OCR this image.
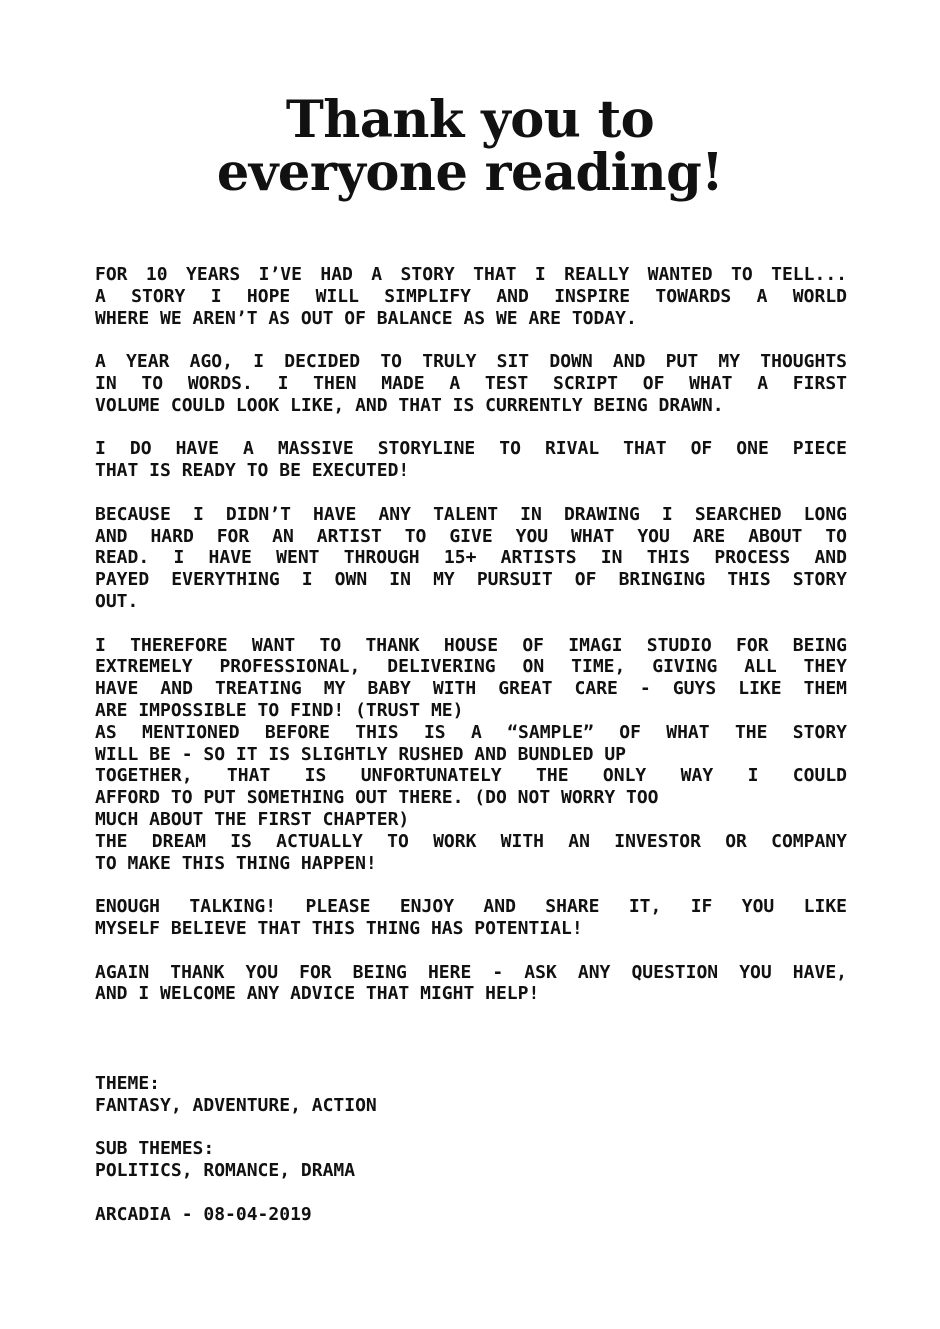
Thank you to
everyone reading!
FOR 10 YEARS I’VE HAD A STORY THAT I REALLY WANTED TO TELL...
A STORY I HOPE WILL SIMPLIFY AND INSPIRE TOWARDS A WORLD
WHERE WE AREN’T AS OUT OF BALANCE AS WE ARE TODAY.
A YEAR AGO, I DECIDED TO TRULY SIT DOWN AND PUT MY THOUGHTS
IN TO WORDS. I THEN MADE A TEST SCRIPT OF WHAT A FIRST
VOLUME COULD LOOK LIKE, AND THAT IS CURRENTLY BEING DRAWN.
I DO HAVE A MASSIVE STORYLINE TO RIVAL THAT OF ONE PIECE
THAT IS READY TO BE EXECUTED!
BECAUSE I DIDN’T HAVE ANY TALENT IN DRAWING I SEARCHED LONG
AND HARD FOR AN ARTIST TO GIVE YOU WHAT YOU ARE ABOUT TO
READ. I HAVE WENT THROUGH 15+ ARTISTS IN THIS PROCESS AND
PAYED EVERYTHING I OWN IN MY PURSUIT OF BRINGING THIS STORY
OUT.
I THEREFORE WANT TO THANK HOUSE OF IMAGI STUDIO FOR BEING
EXTREMELY PROFESSIONAL, DELIVERING ON TIME, GIVING ALL THEY
HAVE AND TREATING MY BABY WITH GREAT CARE - GUYS LIKE THEM
ARE IMPOSSIBLE TO FIND! (TRUST ME)
AS MENTIONED BEFORE THIS IS A “SAMPLE” OF WHAT THE STORY
WILL BE - SO IT IS SLIGHTLY RUSHED AND BUNDLED UP
TOGETHER, THAT IS UNFORTUNATELY THE ONLY WAY I COULD
AFFORD TO PUT SOMETHING OUT THERE. (DO NOT WORRY TOO
MUCH ABOUT THE FIRST CHAPTER)
THE DREAM IS ACTUALLY TO WORK WITH AN INVESTOR OR COMPANY
TO MAKE THIS THING HAPPEN!
ENOUGH TALKING! PLEASE ENJOY AND SHARE IT, IF YOU LIKE
MYSELF BELIEVE THAT THIS THING HAS POTENTIAL!
AGAIN THANK YOU FOR BEING HERE - ASK ANY QUESTION YOU HAVE,
AND I WELCOME ANY ADVICE THAT MIGHT HELP!
THEME:
FANTASY, ADVENTURE, ACTION
SUB THEMES:
POLITICS, ROMANCE, DRAMA
ARCADIA - 08-04-2019
